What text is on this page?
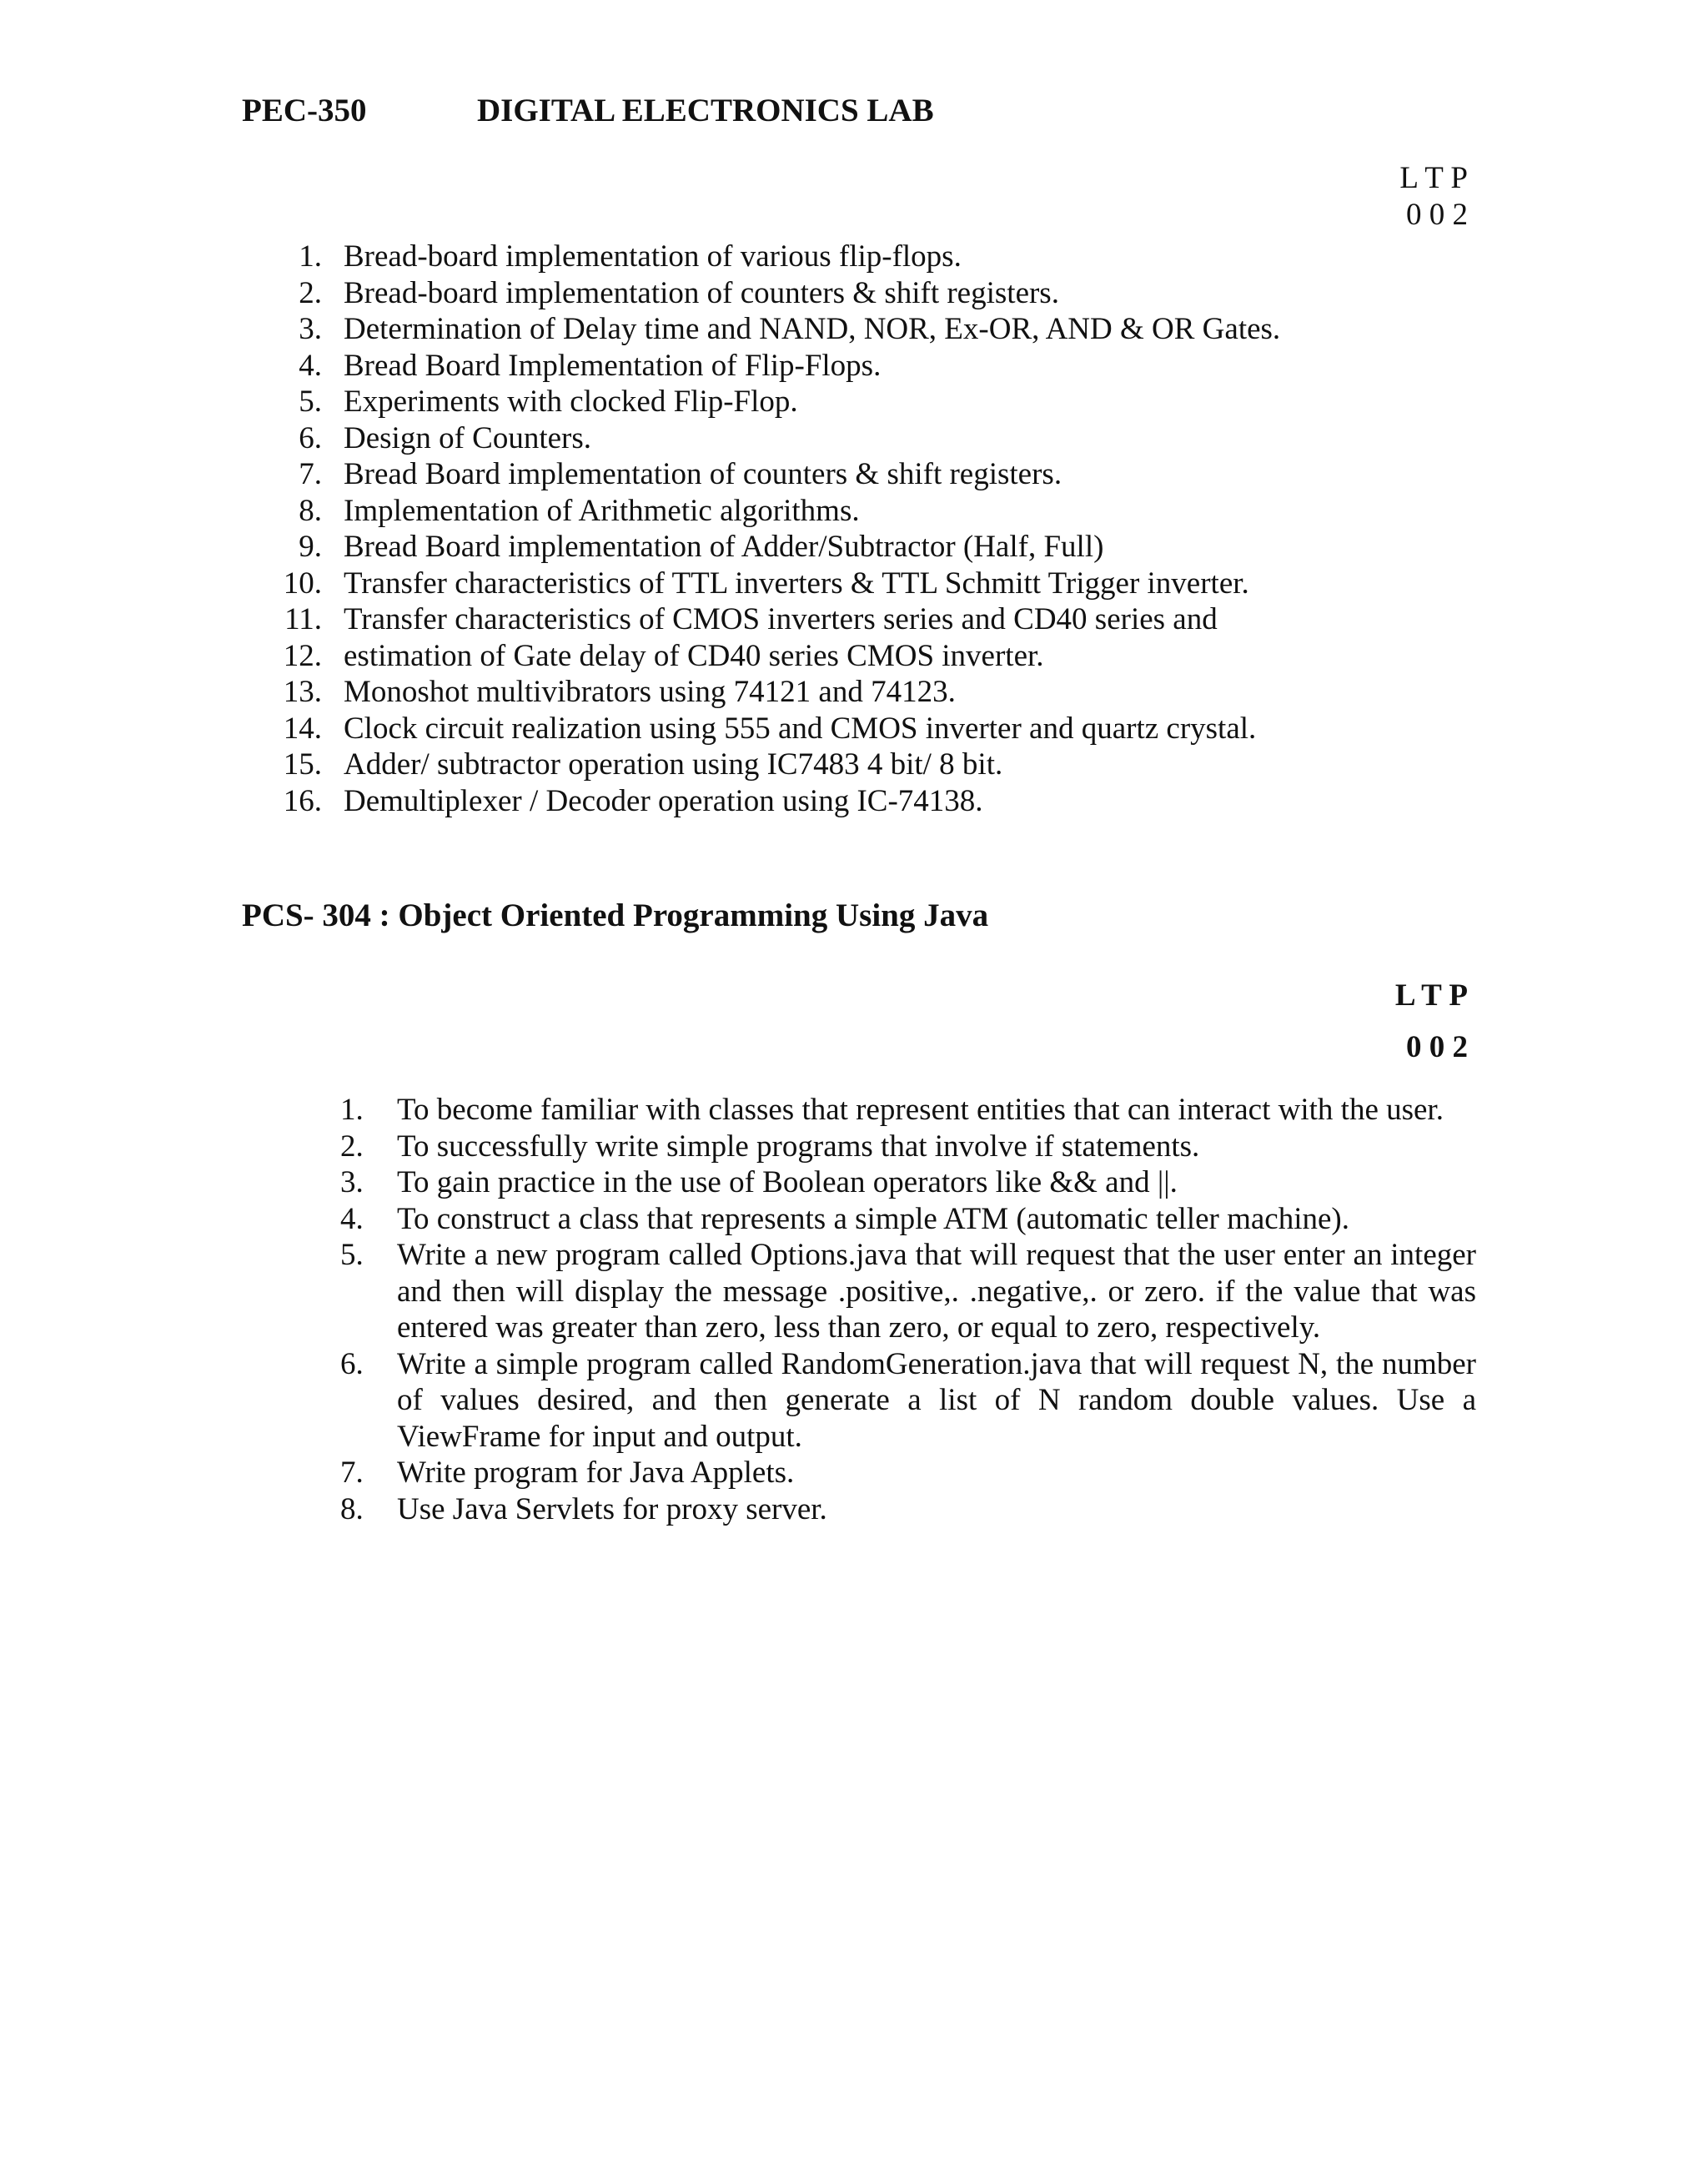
PEC-350	DIGITAL ELECTRONICS LAB
L T P
0 0 2
1. Bread-board implementation of various flip-flops.
2. Bread-board implementation of counters & shift registers.
3. Determination of Delay time and NAND, NOR, Ex-OR, AND & OR Gates.
4. Bread Board Implementation of Flip-Flops.
5. Experiments with clocked Flip-Flop.
6. Design of Counters.
7. Bread Board implementation of counters & shift registers.
8. Implementation of Arithmetic algorithms.
9. Bread Board implementation of Adder/Subtractor (Half, Full)
10. Transfer characteristics of TTL inverters & TTL Schmitt Trigger inverter.
11. Transfer characteristics of CMOS inverters series and CD40 series and
12. estimation of Gate delay of CD40 series CMOS inverter.
13. Monoshot multivibrators using 74121 and 74123.
14. Clock circuit realization using 555 and CMOS inverter and quartz crystal.
15. Adder/ subtractor operation using IC7483 4 bit/ 8 bit.
16. Demultiplexer / Decoder operation using IC-74138.
PCS- 304 : Object Oriented Programming Using Java
L T P
0 0 2
1. To become familiar with classes that represent entities that can interact with the user.
2. To successfully write simple programs that involve if statements.
3. To gain practice in the use of Boolean operators like && and ||.
4. To construct a class that represents a simple ATM (automatic teller machine).
5. Write a new program called Options.java that will request that the user enter an integer and then will display the message .positive,. .negative,. or zero. if the value that was entered was greater than zero, less than zero, or equal to zero, respectively.
6. Write a simple program called RandomGeneration.java that will request N, the number of values desired, and then generate a list of N random double values. Use a ViewFrame for input and output.
7. Write program for Java Applets.
8. Use Java Servlets for proxy server.
